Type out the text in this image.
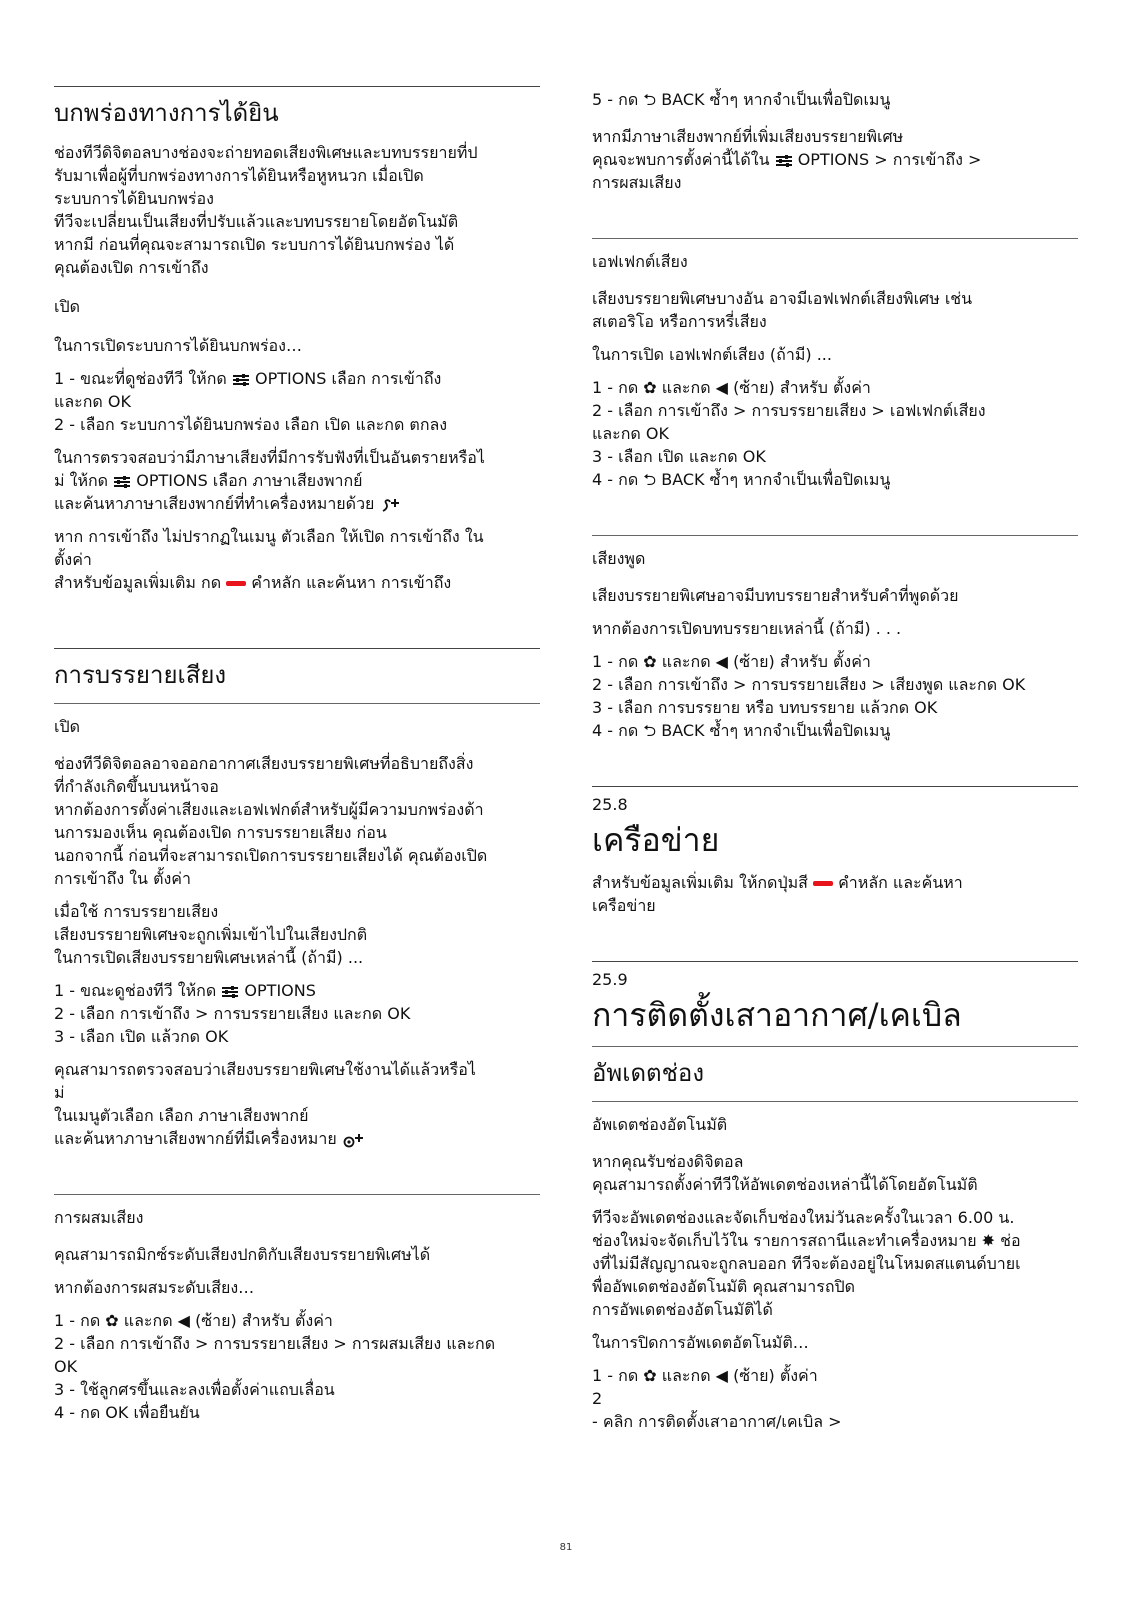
บกพร่องทางการได้ยิน

ช่องทีวีดิจิตอลบางช่องจะถ่ายทอดเสียงพิเศษและบทบรรยายที่ป
รับมาเพื่อผู้ที่บกพร่องทางการได้ยินหรือหูหนวก เมื่อเปิด
ระบบการได้ยินบกพร่อง
ทีวีจะเปลี่ยนเป็นเสียงที่ปรับแล้วและบทบรรยายโดยอัตโนมัติ
หากมี ก่อนที่คุณจะสามารถเปิด ระบบการได้ยินบกพร่อง ได้
คุณต้องเปิด การเข้าถึง

เปิด

ในการเปิดระบบการได้ยินบกพร่อง…

1 - ขณะที่ดูช่องทีวี ให้กด OPTIONS เลือก การเข้าถึง
และกด OK

2 - เลือก ระบบการได้ยินบกพร่อง เลือก เปิด และกด ตกลง

ในการตรวจสอบว่ามีภาษาเสียงที่มีการรับฟังที่เป็นอันตรายหรือไ
ม่ ให้กด OPTIONS เลือก ภาษาเสียงพากย์
และค้นหาภาษาเสียงพากย์ที่ทำเครื่องหมายด้วย

หาก การเข้าถึง ไม่ปรากฏในเมนู ตัวเลือก ให้เปิด การเข้าถึง ใน
ตั้งค่า

สำหรับข้อมูลเพิ่มเติม กด คำหลัก และค้นหา การเข้าถึง

การบรรยายเสียง
เปิด

ช่องทีวีดิจิตอลอาจออกอากาศเสียงบรรยายพิเศษที่อธิบายถึงสิ่ง
ที่กำลังเกิดขึ้นบนหน้าจอ
หากต้องการตั้งค่าเสียงและเอฟเฟกต์สำหรับผู้มีความบกพร่องด้า
นการมองเห็น คุณต้องเปิด การบรรยายเสียง ก่อน
นอกจากนี้ ก่อนที่จะสามารถเปิดการบรรยายเสียงได้ คุณต้องเปิด
การเข้าถึง ใน ตั้งค่า

เมื่อใช้ การบรรยายเสียง
เสียงบรรยายพิเศษจะถูกเพิ่มเข้าไปในเสียงปกติ
ในการเปิดเสียงบรรยายพิเศษเหล่านี้ (ถ้ามี) ...

1 - ขณะดูช่องทีวี ให้กด OPTIONS

2 - เลือก การเข้าถึง > การบรรยายเสียง และกด OK
3 - เลือก เปิด แล้วกด OK

คุณสามารถตรวจสอบว่าเสียงบรรยายพิเศษใช้งานได้แล้วหรือไ
ม่
ในเมนูตัวเลือก เลือก ภาษาเสียงพากย์
และค้นหาภาษาเสียงพากย์ที่มีเครื่องหมาย

การผสมเสียง

คุณสามารถมิกซ์ระดับเสียงปกติกับเสียงบรรยายพิเศษได้

หากต้องการผสมระดับเสียง…

1 - กด ✿ และกด ◀ (ซ้าย) สำหรับ ตั้งค่า

2 - เลือก การเข้าถึง > การบรรยายเสียง > การผสมเสียง และกด
OK
3 - ใช้ลูกศรขึ้นและลงเพื่อตั้งค่าแถบเลื่อน
4 - กด OK เพื่อยืนยัน

5 - กด ⮌ BACK ซ้ำๆ หากจำเป็นเพื่อปิดเมนู

หากมีภาษาเสียงพากย์ที่เพิ่มเสียงบรรยายพิเศษ
คุณจะพบการตั้งค่านี้ได้ใน OPTIONS > การเข้าถึง >
การผสมเสียง

เอฟเฟกต์เสียง

เสียงบรรยายพิเศษบางอัน อาจมีเอฟเฟกต์เสียงพิเศษ เช่น
สเตอริโอ หรือการหรี่เสียง

ในการเปิด เอฟเฟกต์เสียง (ถ้ามี) ...

1 - กด ✿ และกด ◀ (ซ้าย) สำหรับ ตั้งค่า

2 - เลือก การเข้าถึง > การบรรยายเสียง > เอฟเฟกต์เสียง
และกด OK
3 - เลือก เปิด และกด OK

4 - กด ⮌ BACK ซ้ำๆ หากจำเป็นเพื่อปิดเมนู

เสียงพูด

เสียงบรรยายพิเศษอาจมีบทบรรยายสำหรับคำที่พูดด้วย

หากต้องการเปิดบทบรรยายเหล่านี้ (ถ้ามี) . . .

1 - กด ✿ และกด ◀ (ซ้าย) สำหรับ ตั้งค่า

2 - เลือก การเข้าถึง > การบรรยายเสียง > เสียงพูด และกด OK
3 - เลือก การบรรยาย หรือ บทบรรยาย แล้วกด OK

4 - กด ⮌ BACK ซ้ำๆ หากจำเป็นเพื่อปิดเมนู

25.8
เครือข่าย

สำหรับข้อมูลเพิ่มเติม ให้กดปุ่มสี คำหลัก และค้นหา
เครือข่าย

25.9
การติดตั้งเสาอากาศ/เคเบิล
อัพเดตช่อง
อัพเดตช่องอัตโนมัติ

หากคุณรับช่องดิจิตอล
คุณสามารถตั้งค่าทีวีให้อัพเดตช่องเหล่านี้ได้โดยอัตโนมัติ

ทีวีจะอัพเดตช่องและจัดเก็บช่องใหม่วันละครั้งในเวลา 6.00 น.
ช่องใหม่จะจัดเก็บไว้ใน รายการสถานีและทำเครื่องหมาย ✸ ช่อ
งที่ไม่มีสัญญาณจะถูกลบออก ทีวีจะต้องอยู่ในโหมดสแตนด์บายเ
พื่ออัพเดตช่องอัตโนมัติ คุณสามารถปิด
การอัพเดตช่องอัตโนมัติได้

ในการปิดการอัพเดตอัตโนมัติ…

1 - กด ✿ และกด ◀ (ซ้าย) ตั้งค่า

2
- คลิก การติดตั้งเสาอากาศ/เคเบิล >

81
